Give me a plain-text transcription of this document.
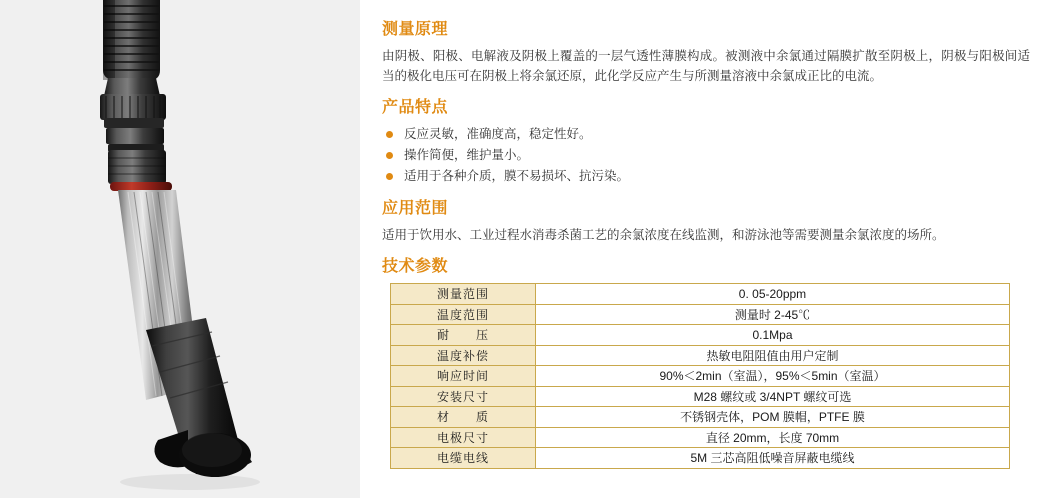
测量原理

由阴极、阳极、电解液及阴极上覆盖的一层气透性薄膜构成。被测液中余氯通过隔膜扩散至阴极上，阴极与阳极间适当的极化电压可在阴极上将余氯还原，此化学反应产生与所测量溶液中余氯成正比的电流。

产品特点
反应灵敏，准确度高，稳定性好。
操作简便，维护量小。
适用于各种介质，膜不易损坏、抗污染。
应用范围

适用于饮用水、工业过程水消毒杀菌工艺的余氯浓度在线监测，和游泳池等需要测量余氯浓度的场所。

技术参数
测量范围	0. 05-20ppm
温度范围	测量时 2-45℃
耐　　压	0.1Mpa
温度补偿	热敏电阻阻值由用户定制
响应时间	90%＜2min（室温），95%＜5min（室温）
安装尺寸	M28 螺纹或 3/4NPT 螺纹可选
材　　质	不锈钢壳体，POM 膜帽，PTFE 膜
电极尺寸	直径 20mm，长度 70mm
电缆电线	5M 三芯高阻低噪音屏蔽电缆线
